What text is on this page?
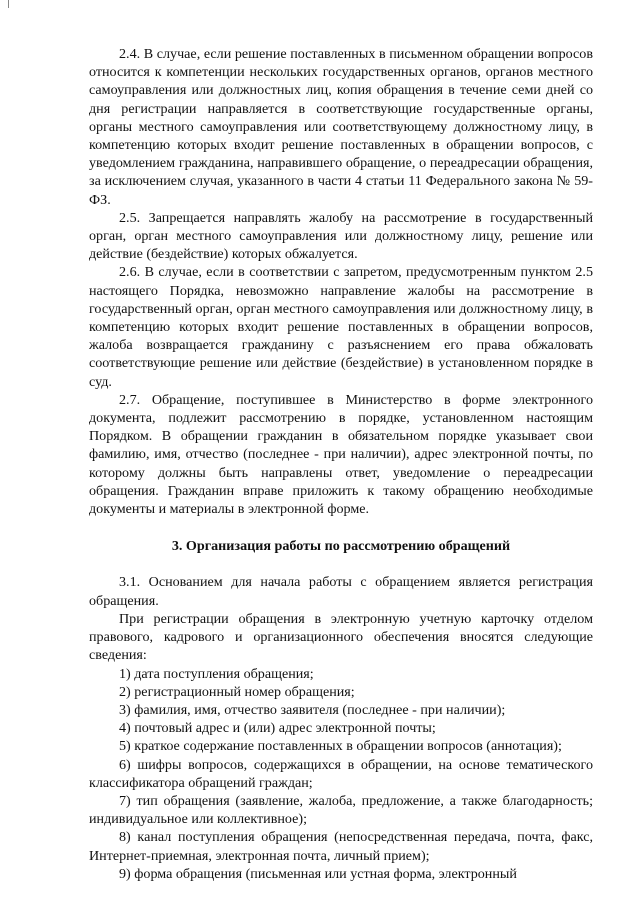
2.4. В случае, если решение поставленных в письменном обращении вопросов относится к компетенции нескольких государственных органов, органов местного самоуправления или должностных лиц, копия обращения в течение семи дней со дня регистрации направляется в соответствующие государственные органы, органы местного самоуправления или соответствующему должностному лицу, в компетенцию которых входит решение поставленных в обращении вопросов, с уведомлением гражданина, направившего обращение, о переадресации обращения, за исключением случая, указанного в части 4 статьи 11 Федерального закона № 59-ФЗ.

2.5. Запрещается направлять жалобу на рассмотрение в государственный орган, орган местного самоуправления или должностному лицу, решение или действие (бездействие) которых обжалуется.

2.6. В случае, если в соответствии с запретом, предусмотренным пунктом 2.5 настоящего Порядка, невозможно направление жалобы на рассмотрение в государственный орган, орган местного самоуправления или должностному лицу, в компетенцию которых входит решение поставленных в обращении вопросов, жалоба возвращается гражданину с разъяснением его права обжаловать соответствующие решение или действие (бездействие) в установленном порядке в суд.

2.7. Обращение, поступившее в Министерство в форме электронного документа, подлежит рассмотрению в порядке, установленном настоящим Порядком. В обращении гражданин в обязательном порядке указывает свои фамилию, имя, отчество (последнее - при наличии), адрес электронной почты, по которому должны быть направлены ответ, уведомление о переадресации обращения. Гражданин вправе приложить к такому обращению необходимые документы и материалы в электронной форме.

3. Организация работы по рассмотрению обращений

3.1. Основанием для начала работы с обращением является регистрация обращения.

При регистрации обращения в электронную учетную карточку отделом правового, кадрового и организационного обеспечения вносятся следующие сведения:

1) дата поступления обращения;

2) регистрационный номер обращения;

3) фамилия, имя, отчество заявителя (последнее - при наличии);

4) почтовый адрес и (или) адрес электронной почты;

5) краткое содержание поставленных в обращении вопросов (аннотация);

6) шифры вопросов, содержащихся в обращении, на основе тематического классификатора обращений граждан;

7) тип обращения (заявление, жалоба, предложение, а также благодарность; индивидуальное или коллективное);

8) канал поступления обращения (непосредственная передача, почта, факс, Интернет-приемная, электронная почта, личный прием);

9) форма обращения (письменная или устная форма, электронный
